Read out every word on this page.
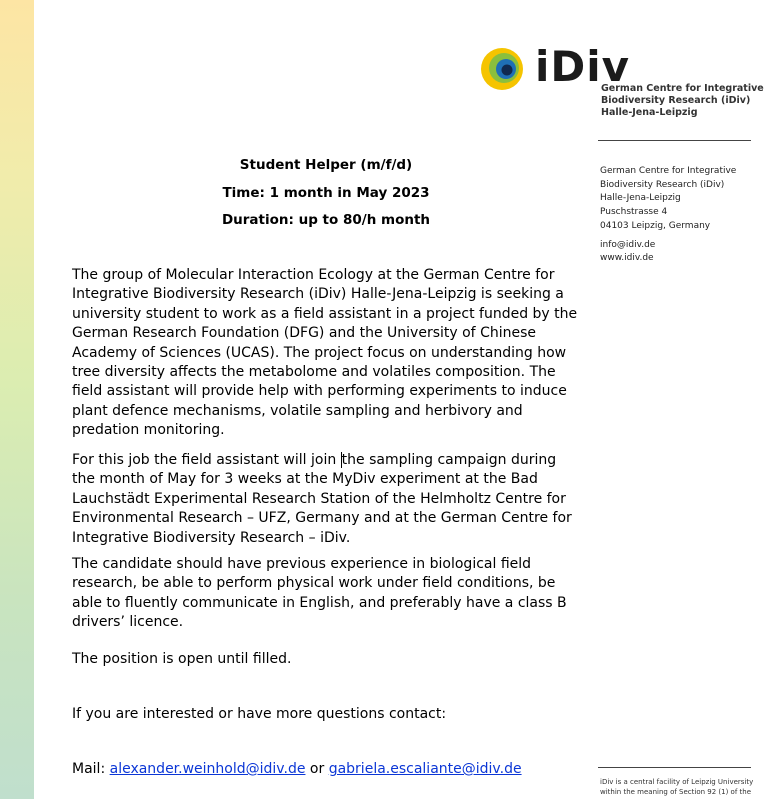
iDiv
German Centre for Integrative
Biodiversity Research (iDiv)
Halle-Jena-Leipzig
German Centre for Integrative
Biodiversity Research (iDiv)
Halle-Jena-Leipzig
Puschstrasse 4
04103 Leipzig, Germany
info@idiv.de
www.idiv.de
Student Helper (m/f/d)
Time: 1 month in May 2023
Duration: up to 80/h month

The group of Molecular Interaction Ecology at the German Centre for Integrative Biodiversity Research (iDiv) Halle-Jena-Leipzig is seeking a university student to work as a field assistant in a project funded by the German Research Foundation (DFG) and the University of Chinese Academy of Sciences (UCAS). The project focus on understanding how tree diversity affects the metabolome and volatiles composition. The field assistant will provide help with performing experiments to induce plant defence mechanisms, volatile sampling and herbivory and predation monitoring.

For this job the field assistant will join the sampling campaign during the month of May for 3 weeks at the MyDiv experiment at the Bad Lauchstädt Experimental Research Station of the Helmholtz Centre for Environmental Research – UFZ, Germany and at the German Centre for Integrative Biodiversity Research – iDiv.

The candidate should have previous experience in biological field research, be able to perform physical work under field conditions, be able to fluently communicate in English, and preferably have a class B drivers’ licence.

The position is open until filled.

If you are interested or have more questions contact:

Mail: alexander.weinhold@idiv.de or gabriela.escaliante@idiv.de

iDiv is a central facility of Leipzig University
within the meaning of Section 92 (1) of the
